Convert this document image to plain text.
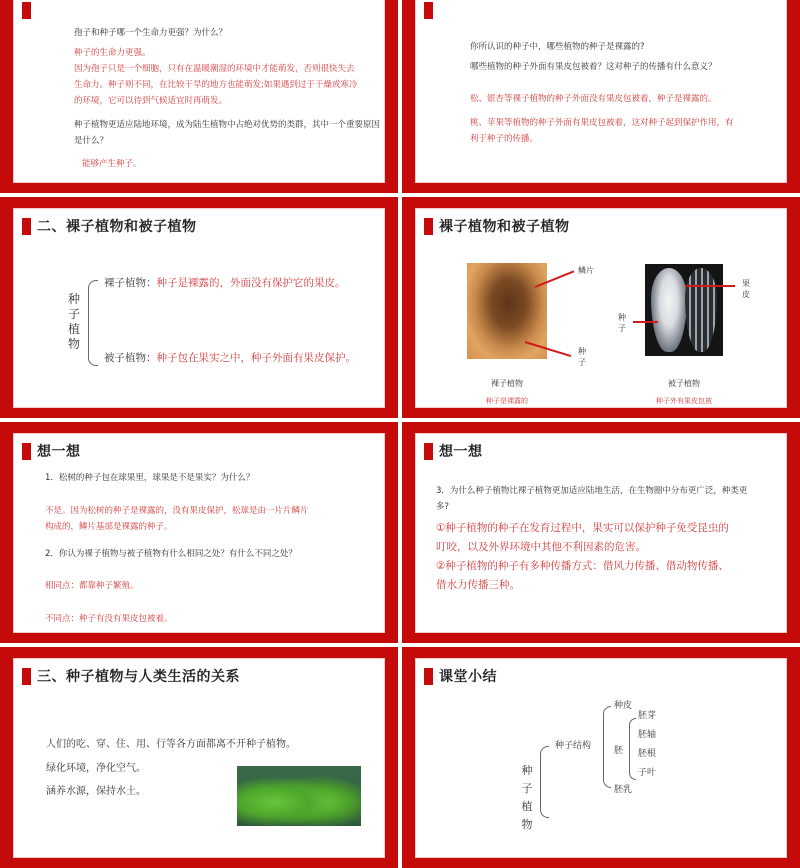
孢子和种子哪一个生命力更强？为什么？
种子的生命力更强。
因为孢子只是一个细胞，只有在温暖潮湿的环境中才能萌发，否则很快失去
生命力。种子则不同，在比较干旱的地方也能萌发;如果遇到过于干燥或寒冷
的环境，它可以待到气候适宜时再萌发。
种子植物更适应陆地环境，成为陆生植物中占绝对优势的类群，其中一个重要原因
是什么？
能够产生种子。
你所认识的种子中，哪些植物的种子是裸露的?
哪些植物的种子外面有果皮包被着？这对种子的传播有什么意义？
松、银杏等裸子植物的种子外面没有果皮包被着，种子是裸露的。
桃、苹果等植物的种子外面有果皮包被着，这对种子起到保护作用，有
利于种子的传播。
二、裸子植物和被子植物
种子植物
裸子植物：种子是裸露的，外面没有保护它的果皮。
被子植物：种子包在果实之中，种子外面有果皮保护。
裸子植物和被子植物
鳞片
种子
裸子植物
种子是裸露的
果皮
种子
被子植物
种子外有果皮包被
想一想
1．松树的种子包在球果里，球果是不是果实？为什么？
不是。因为松树的种子是裸露的，没有果皮保护，松球是由一片片鳞片
构成的，鳞片基部是裸露的种子。
2．你认为裸子植物与被子植物有什么相同之处？有什么不同之处？
相同点：都靠种子繁殖。
不同点：种子有没有果皮包被着。
想一想
3．为什么种子植物比裸子植物更加适应陆地生活，在生物圈中分布更广泛，种类更
多?
①种子植物的种子在发育过程中，果实可以保护种子免受昆虫的
叮咬，以及外界环境中其他不利因素的危害。
②种子植物的种子有多种传播方式：借风力传播、借动物传播、
借水力传播三种。
三、种子植物与人类生活的关系
人们的吃、穿、住、用、行等各方面都离不开种子植物。
绿化环境，净化空气。
涵养水源，保持水土。
课堂小结
种子植物
种子结构
种皮
胚
胚乳
胚芽
胚轴
胚根
子叶
